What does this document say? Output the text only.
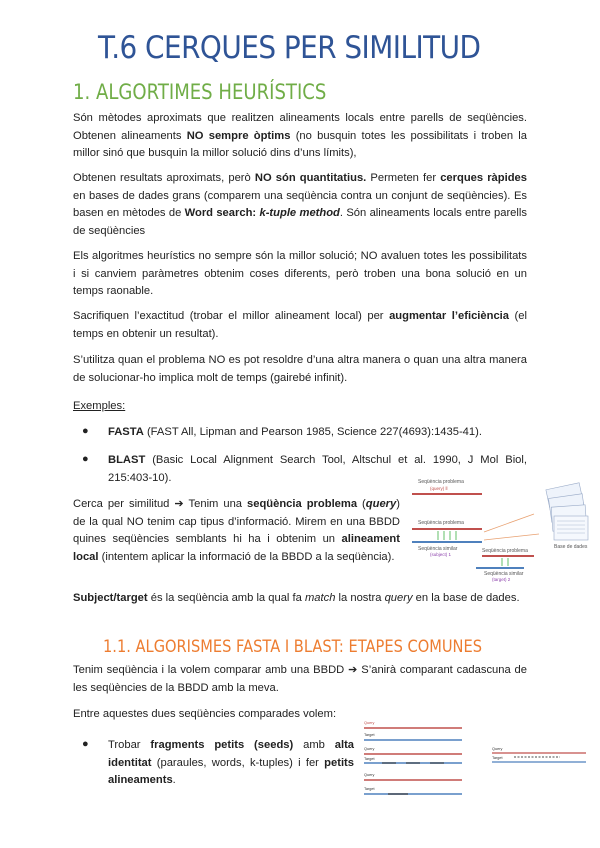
T.6 CERQUES PER SIMILITUD
1. ALGORTIMES HEURÍSTICS

Són mètodes aproximats que realitzen alineaments locals entre parells de seqüències. Obtenen alineaments NO sempre òptims (no busquin totes les possibilitats i troben la millor sinó que busquin la millor solució dins d’uns límits),

Obtenen resultats aproximats, però NO són quantitatius. Permeten fer cerques ràpides en bases de dades grans (comparem una seqüència contra un conjunt de seqüències). Es basen en mètodes de Word search: k-tuple method. Són alineaments locals entre parells de seqüències

Els algoritmes heurístics no sempre són la millor solució; NO avaluen totes les possibilitats i si canviem paràmetres obtenim coses diferents, però troben una bona solució en un temps raonable.

Sacrifiquen l’exactitud (trobar el millor alineament local) per augmentar l’eficiència (el temps en obtenir un resultat).

S’utilitza quan el problema NO es pot resoldre d’una altra manera o quan una altra manera de solucionar-ho implica molt de temps (gairebé infinit).

Exemples:
● FASTA (FAST All, Lipman and Pearson 1985, Science 227(4693):1435-41).

● BLAST (Basic Local Alignment Search Tool, Altschul et al. 1990, J Mol Biol, 215:403-10).

Cerca per similitud ➔ Tenim una seqüència problema (query) de la qual NO tenim cap tipus d’informació. Mirem en una BBDD quines seqüències semblants hi ha i obtenim un alineament local (intentem aplicar la informació de la BBDD a la seqüència).

Seqüència problema
(query) ll
Seqüència problema
Seqüència similar
(subject) 1
Seqüència problema
Seqüència similar
(target) 2
Base de dades

Subject/target és la seqüència amb la qual fa match la nostra query en la base de dades.

1.1. ALGORISMES FASTA I BLAST: ETAPES COMUNES

Tenim seqüència i la volem comparar amb una BBDD ➔ S’anirà comparant cadascuna de les seqüències de la BBDD amb la meva.

Entre aquestes dues seqüències comparades volem:

● Trobar fragments petits (seeds) amb alta identitat (paraules, words, k-tuples) i fer petits alineaments.

Query
Target
Query
Target
Query
Target
Query
Target
